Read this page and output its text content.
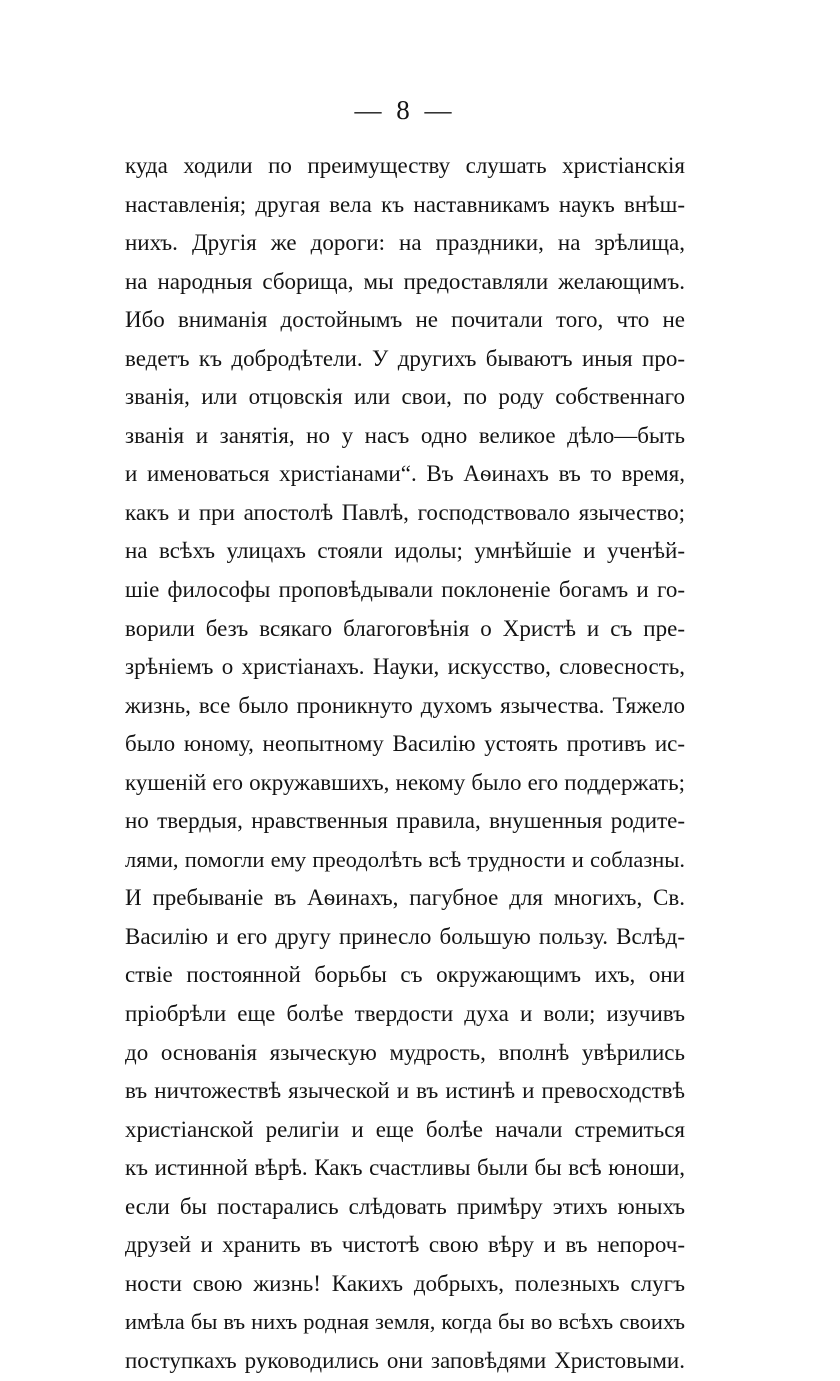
— 8 —
куда ходили по преимуществу слушать христіанскія
наставленія; другая вела къ наставникамъ наукъ внѣш-
нихъ. Другія же дороги: на праздники, на зрѣлища,
на народныя сборища, мы предоставляли желающимъ.
Ибо вниманія достойнымъ не почитали того, что не
ведетъ къ добродѣтели. У другихъ бываютъ иныя про-
званія, или отцовскія или свои, по роду собственнаго
званія и занятія, но у насъ одно великое дѣло—быть
и именоваться христіанами“. Въ Аѳинахъ въ то время,
какъ и при апостолѣ Павлѣ, господствовало язычество;
на всѣхъ улицахъ стояли идолы; умнѣйшіе и ученѣй-
шіе философы проповѣдывали поклоненіе богамъ и го-
ворили безъ всякаго благоговѣнія о Христѣ и съ пре-
зрѣніемъ о христіанахъ. Науки, искусство, словесность,
жизнь, все было проникнуто духомъ язычества. Тяжело
было юному, неопытному Василію устоять противъ ис-
кушеній его окружавшихъ, некому было его поддержать;
но твердыя, нравственныя правила, внушенныя родите-
лями, помогли ему преодолѣть всѣ трудности и соблазны.
И пребываніе въ Аѳинахъ, пагубное для многихъ, Св.
Василію и его другу принесло большую пользу. Вслѣд-
ствіе постоянной борьбы съ окружающимъ ихъ, они
пріобрѣли еще болѣе твердости духа и воли; изучивъ
до основанія языческую мудрость, вполнѣ увѣрились
въ ничтожествѣ языческой и въ истинѣ и превосходствѣ
христіанской религіи и еще болѣе начали стремиться
къ истинной вѣрѣ. Какъ счастливы были бы всѣ юноши,
если бы постарались слѣдовать примѣру этихъ юныхъ
друзей и хранить въ чистотѣ свою вѣру и въ непороч-
ности свою жизнь! Какихъ добрыхъ, полезныхъ слугъ
имѣла бы въ нихъ родная земля, когда бы во всѣхъ своихъ
поступкахъ руководились они заповѣдями Христовыми.
